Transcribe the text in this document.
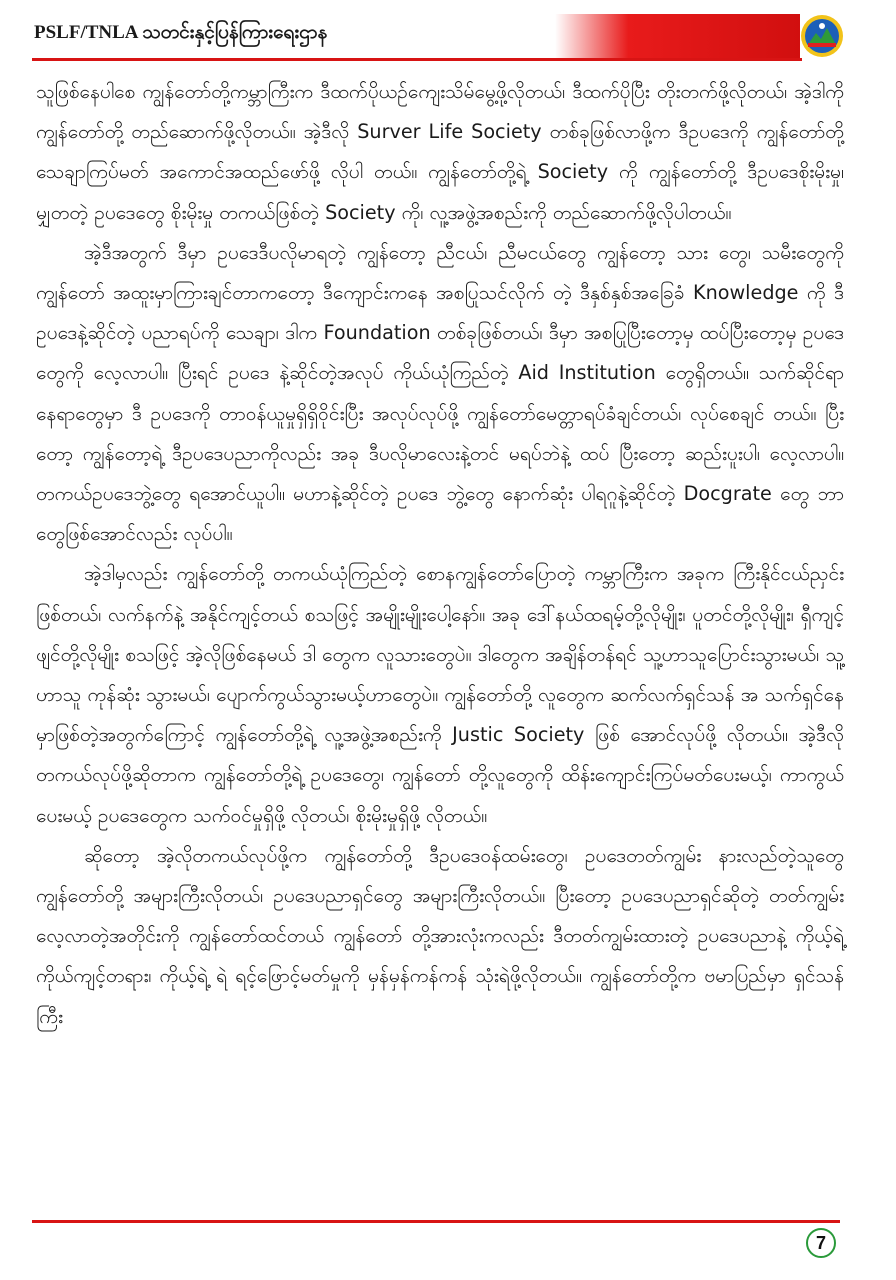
PSLF/TNLA သတင်းနှင့်ပြန်ကြားရေးဌာန

သူဖြစ်နေပါစေ ကျွန်တော်တို့ကမ္ဘာကြီးက ဒီထက်ပိုယဉ်ကျေးသိမ်မွေ့ဖို့လိုတယ်၊ ဒီထက်ပိုပြီး တိုးတက်ဖို့လိုတယ်၊ အဲ့ဒါကို ကျွန်တော်တို့ တည်ဆောက်ဖို့လိုတယ်။ အဲ့ဒီလို Surver Life Society တစ်ခုဖြစ်လာဖို့က ဒီဥပဒေကို ကျွန်တော်တို့ သေချာကြပ်မတ် အကောင်အထည်ဖော်ဖို့ လိုပါ တယ်။ ကျွန်တော်တို့ရဲ့ Society ကို ကျွန်တော်တို့ ဒီဥပဒေစိုးမိုးမှု၊ မျှတတဲ့ ဥပဒေတွေ စိုးမိုးမှု တကယ်ဖြစ်တဲ့ Society ကို၊ လူ့အဖွဲ့အစည်းကို တည်ဆောက်ဖို့လိုပါတယ်။

အဲ့ဒီအတွက် ဒီမှာ ဥပဒေဒီပလိုမာရတဲ့ ကျွန်တော့ ညီငယ်၊ ညီမငယ်တွေ ကျွန်တော့ သား တွေ၊ သမီးတွေကို ကျွန်တော် အထူးမှာကြားချင်တာကတော့ ဒီကျောင်းကနေ အစပြုသင်လိုက် တဲ့ ဒီနှစ်နှစ်အခြေခံ Knowledge ကို ဒီဥပဒေနဲ့ဆိုင်တဲ့ ပညာရပ်ကို သေချာ၊ ဒါက Foundation တစ်ခုဖြစ်တယ်၊ ဒီမှာ အစပြုပြီးတော့မှ ထပ်ပြီးတော့မှ ဥပဒေတွေကို လေ့လာပါ။ ပြီးရင် ဥပဒေ နဲ့ဆိုင်တဲ့အလုပ် ကိုယ်ယုံကြည်တဲ့ Aid Institution တွေရှိတယ်။ သက်ဆိုင်ရာ နေရာတွေမှာ ဒီ ဥပဒေကို တာဝန်ယူမှုရှိရှိဝိုင်းပြီး အလုပ်လုပ်ဖို့ ကျွန်တော်မေတ္တာရပ်ခံချင်တယ်၊ လုပ်စေချင် တယ်။ ပြီးတော့ ကျွန်တော့ရဲ့ ဒီဥပဒေပညာကိုလည်း အခု ဒီပလိုမာလေးနဲ့တင် မရပ်ဘဲနဲ့ ထပ် ပြီးတော့ ဆည်းပူးပါ၊ လေ့လာပါ။ တကယ်ဥပဒေဘွဲ့တွေ ရအောင်ယူပါ။ မဟာနဲ့ဆိုင်တဲ့ ဥပဒေ ဘွဲ့တွေ နောက်ဆုံး ပါရဂူနဲ့ဆိုင်တဲ့ Docgrate တွေ ဘာတွေဖြစ်အောင်လည်း လုပ်ပါ။

အဲ့ဒါမှလည်း ကျွန်တော်တို့ တကယ်ယုံကြည်တဲ့ စောနကျွန်တော်ပြောတဲ့ ကမ္ဘာကြီးက အခုက ကြီးနိုင်ငယ်ညှင်းဖြစ်တယ်၊ လက်နက်နဲ့ အနိုင်ကျင့်တယ် စသဖြင့် အမျိုးမျိုးပေါ့နော်။ အခု ဒေါ်နယ်ထရမ့်တို့လိုမျိုး၊ ပူတင်တို့လိုမျိုး၊ ရှီကျင့်ဖျင်တို့လိုမျိုး စသဖြင့် အဲ့လိုဖြစ်နေမယ် ဒါ တွေက လူသားတွေပဲ။ ဒါတွေက အချိန်တန်ရင် သူ့ဟာသူပြောင်းသွားမယ်၊ သူ့ဟာသူ ကုန်ဆုံး သွားမယ်၊ ပျောက်ကွယ်သွားမယ့်ဟာတွေပဲ။ ကျွန်တော်တို့ လူတွေက ဆက်လက်ရှင်သန် အ သက်ရှင်နေမှာဖြစ်တဲ့အတွက်ကြောင့် ကျွန်တော်တို့ရဲ့ လူ့အဖွဲ့အစည်းကို Justic Society ဖြစ် အောင်လုပ်ဖို့ လိုတယ်။ အဲ့ဒီလို တကယ်လုပ်ဖို့ဆိုတာက ကျွန်တော်တို့ရဲ့ ဥပဒေတွေ၊ ကျွန်တော် တို့လူတွေကို ထိန်းကျောင်းကြပ်မတ်ပေးမယ့်၊ ကာကွယ်ပေးမယ့် ဥပဒေတွေက သက်ဝင်မှုရှိဖို့ လိုတယ်၊ စိုးမိုးမှုရှိဖို့ လိုတယ်။

ဆိုတော့ အဲ့လိုတကယ်လုပ်ဖို့က ကျွန်တော်တို့ ဒီဥပဒေဝန်ထမ်းတွေ၊ ဥပဒေတတ်ကျွမ်း နားလည်တဲ့သူတွေ ကျွန်တော်တို့ အများကြီးလိုတယ်၊ ဥပဒေပညာရှင်တွေ အများကြီးလိုတယ်။ ပြီးတော့ ဥပဒေပညာရှင်ဆိုတဲ့ တတ်ကျွမ်းလေ့လာတဲ့အတိုင်းကို ကျွန်တော်ထင်တယ် ကျွန်တော် တို့အားလုံးကလည်း ဒီတတ်ကျွမ်းထားတဲ့ ဥပဒေပညာနဲ့ ကိုယ့်ရဲ့ကိုယ်ကျင့်တရား၊ ကိုယ့်ရဲ့ ရဲ ရင့်ဖြောင့်မတ်မှုကို မှန်မှန်ကန်ကန် သုံးရဲဖို့လိုတယ်။ ကျွန်တော်တို့က ဗမာပြည်မှာ ရှင်သန်ကြီး

7
